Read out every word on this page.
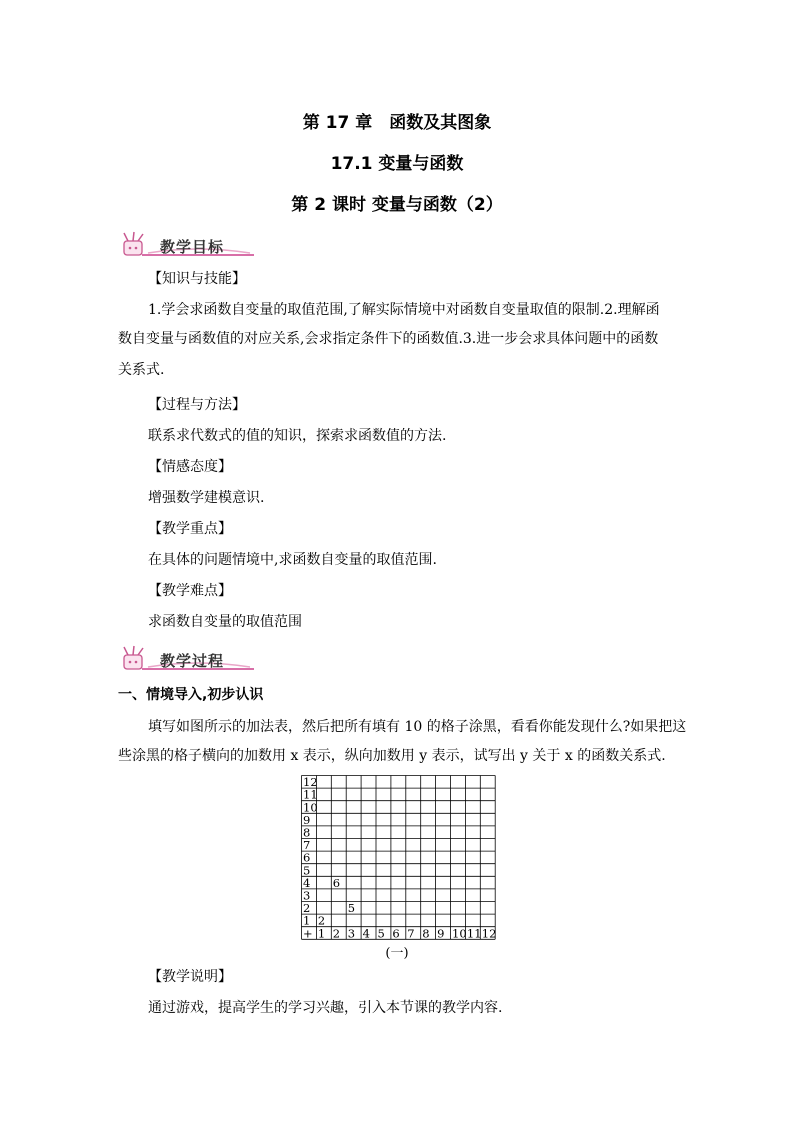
第 17 章　函数及其图象
17.1 变量与函数
第 2 课时 变量与函数（2）
教学目标
【知识与技能】
1.学会求函数自变量的取值范围,了解实际情境中对函数自变量取值的限制.2.理解函
数自变量与函数值的对应关系,会求指定条件下的函数值.3.进一步会求具体问题中的函数
关系式.
【过程与方法】
联系求代数式的值的知识，探索求函数值的方法.
【情感态度】
增强数学建模意识.
【教学重点】
在具体的问题情境中,求函数自变量的取值范围.
【教学难点】
求函数自变量的取值范围
教学过程
一、情境导入,初步认识
填写如图所示的加法表，然后把所有填有 10 的格子涂黑，看看你能发现什么?如果把这
些涂黑的格子横向的加数用 x 表示，纵向加数用 y 表示，试写出 y 关于 x 的函数关系式.
12
11
10
9
8
7
6
5
4
3
2
1
+ 1 2 3 4 5 6 7 8 9 10 11 12
6
5
2
(一)
【教学说明】
通过游戏，提高学生的学习兴趣，引入本节课的教学内容.
